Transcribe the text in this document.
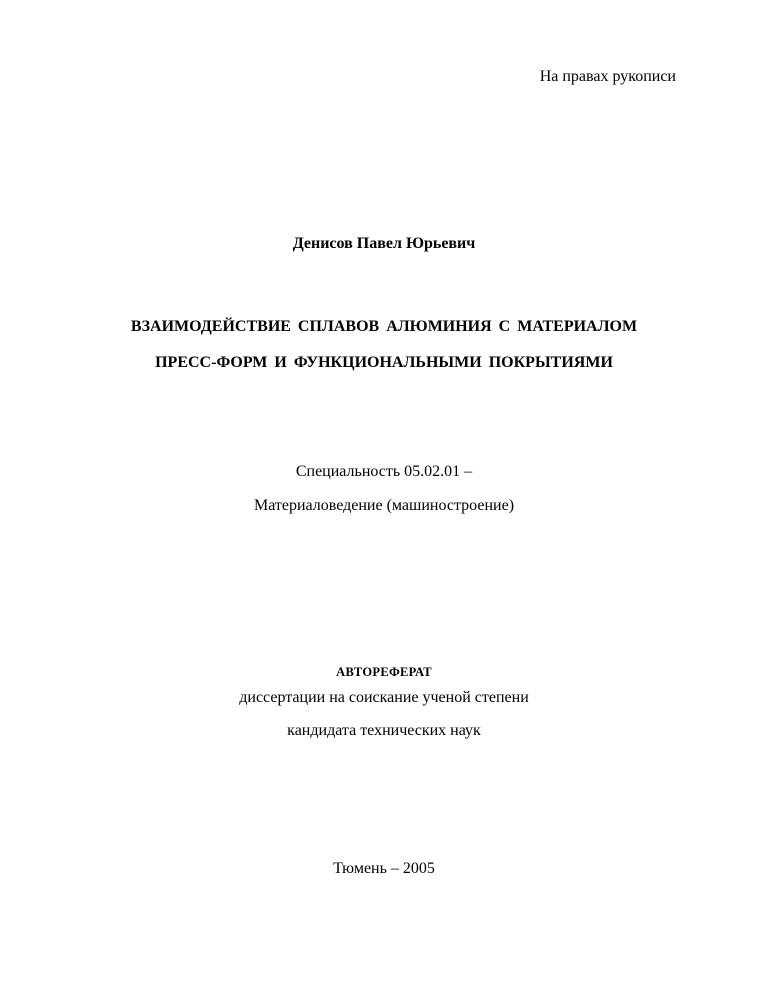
На правах рукописи
Денисов Павел Юрьевич
ВЗАИМОДЕЙСТВИЕ СПЛАВОВ АЛЮМИНИЯ С МАТЕРИАЛОМ
ПРЕСС-ФОРМ И ФУНКЦИОНАЛЬНЫМИ ПОКРЫТИЯМИ
Специальность 05.02.01 –
Материаловедение (машиностроение)
АВТОРЕФЕРАТ
диссертации на соискание ученой степени
кандидата технических наук
Тюмень – 2005
